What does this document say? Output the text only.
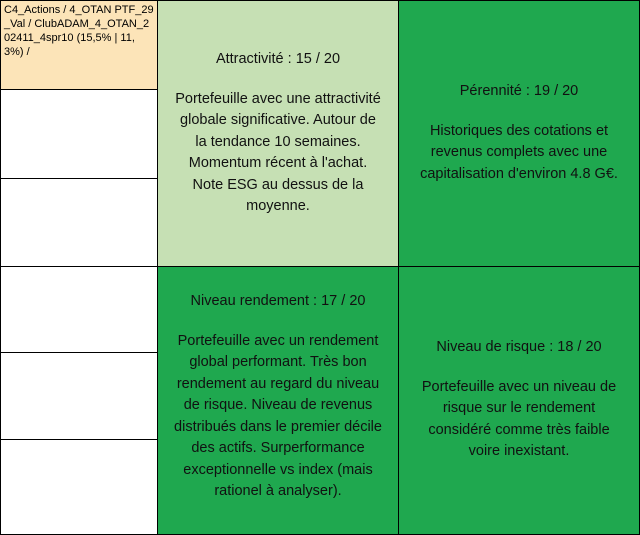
C4_Actions / 4_OTAN PTF_29_Val / ClubADAM_4_OTAN_202411_4spr10 (15,5% | 11,3%) /	Attractivité : 15 / 20
Portefeuille avec une attractivité
globale significative. Autour de
la tendance 10 semaines.
Momentum récent à l'achat.
Note ESG au dessus de la
moyenne.
Pérennité : 19 / 20
Historiques des cotations et
revenus complets avec une
capitalisation d'environ 4.8 G€.
Niveau rendement : 17 / 20
Portefeuille avec un rendement
global performant. Très bon
rendement au regard du niveau
de risque. Niveau de revenus
distribués dans le premier décile
des actifs. Surperformance
exceptionnelle vs index (mais
rationel à analyser).
Niveau de risque : 18 / 20
Portefeuille avec un niveau de
risque sur le rendement
considéré comme très faible
voire inexistant.
